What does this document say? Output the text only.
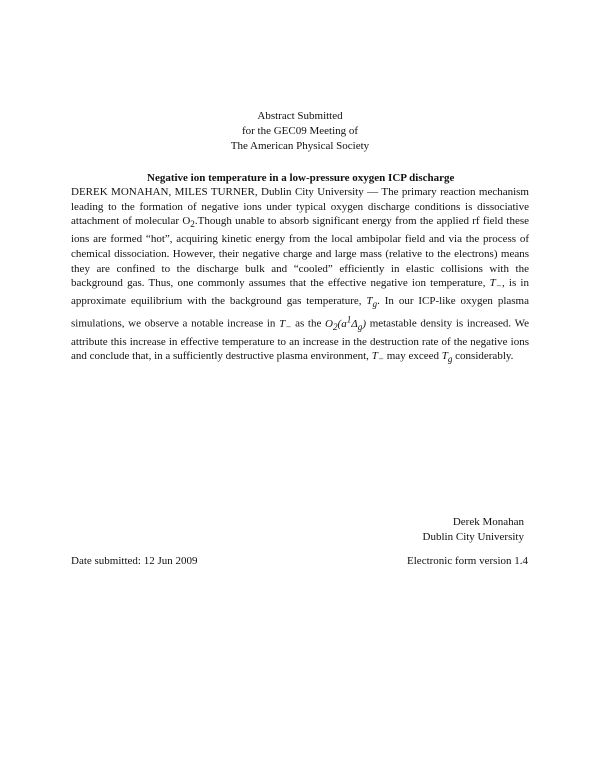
Abstract Submitted
for the GEC09 Meeting of
The American Physical Society
Negative ion temperature in a low-pressure oxygen ICP discharge
DEREK MONAHAN, MILES TURNER, Dublin City University — The primary reaction mechanism leading to the formation of negative ions under typical oxygen discharge conditions is dissociative attachment of molecular $O_2.Though$ unable to absorb significant energy from the applied rf field these ions are formed “hot”, acquiring kinetic energy from the local ambipolar field and via the process of chemical dissociation. However, their negative charge and large mass (relative to the electrons) means they are confined to the discharge bulk and “cooled” efficiently in elastic collisions with the background gas. Thus, one commonly assumes that the effective negative ion temperature, $T_-$, is in approximate equilibrium with the background gas temperature, $T_g$. In our ICP-like oxygen plasma simulations, we observe a notable increase in $T_-$ as the $O_2(a^1\Delta_g)$ metastable density is increased. We attribute this increase in effective temperature to an increase in the destruction rate of the negative ions and conclude that, in a sufficiently destructive plasma environment, $T_-$ may exceed $T_g$ considerably.
Derek Monahan
Dublin City University
Date submitted: 12 Jun 2009	Electronic form version 1.4
